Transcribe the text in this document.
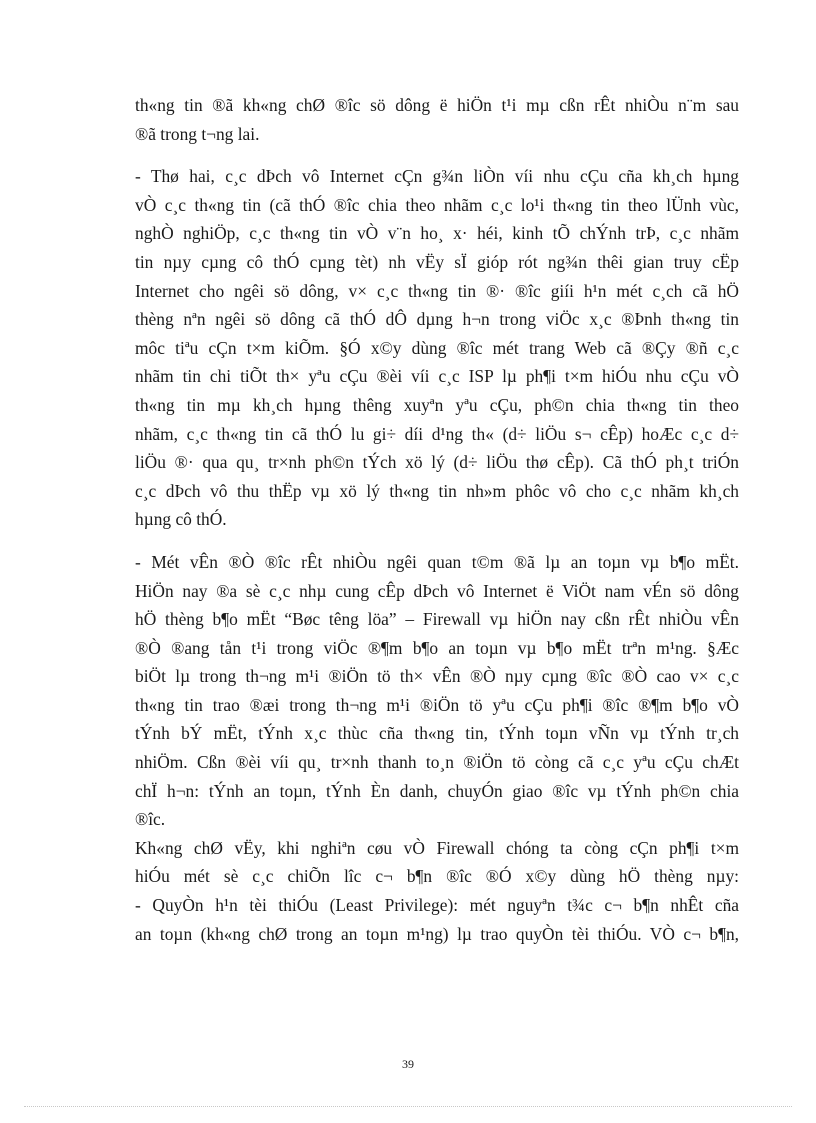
th«ng tin ®ã kh«ng chØ ®îc sö dông ë hiÖn t¹i mµ cßn rÊt nhiÒu n¨m sau

®ã trong t¬ng lai.

- Thø hai, c¸c dÞch vô Internet cÇn g¾n liÒn víi nhu cÇu cña kh¸ch hµng

vÒ c¸c th«ng tin (cã thÓ ®îc chia theo nhãm c¸c lo¹i th«ng tin theo lÜnh vùc,

nghÒ nghiÖp, c¸c th«ng tin vÒ v¨n ho¸ x· héi, kinh tÕ chÝnh trÞ, c¸c nhãm

tin nµy cµng cô thÓ cµng tèt) nh vËy sÏ gióp rót ng¾n thêi gian truy cËp

Internet cho ngêi sö dông, v× c¸c th«ng tin ®· ®îc giíi h¹n mét c¸ch cã hÖ

thèng nªn ngêi sö dông cã thÓ dÔ dµng h¬n trong viÖc x¸c ®Þnh th«ng tin

môc tiªu cÇn t×m kiÕm. §Ó x©y dùng ®îc mét trang Web cã ®Çy ®ñ c¸c

nhãm tin chi tiÕt th× yªu cÇu ®èi víi c¸c ISP lµ ph¶i t×m hiÓu nhu cÇu vÒ

th«ng tin mµ kh¸ch hµng thêng xuyªn yªu cÇu, ph©n chia th«ng tin theo

nhãm, c¸c th«ng tin cã thÓ lu gi÷ díi d¹ng th« (d÷ liÖu s¬ cÊp) hoÆc c¸c d÷

liÖu ®· qua qu¸ tr×nh ph©n tÝch xö lý (d÷ liÖu thø cÊp). Cã thÓ ph¸t triÓn

c¸c dÞch vô thu thËp vµ xö lý th«ng tin nh»m phôc vô cho c¸c nhãm kh¸ch

hµng cô thÓ.

- Mét vÊn ®Ò ®îc rÊt nhiÒu ngêi quan t©m ®ã lµ an toµn vµ b¶o mËt.

HiÖn nay ®a sè c¸c nhµ cung cÊp dÞch vô Internet ë ViÖt nam vÉn sö dông

hÖ thèng b¶o mËt “Bøc têng löa” – Firewall vµ hiÖn nay cßn rÊt nhiÒu vÊn

®Ò ®ang tån t¹i trong viÖc ®¶m b¶o an toµn vµ b¶o mËt trªn m¹ng. §Æc

biÖt lµ trong th¬ng m¹i ®iÖn tö th× vÊn ®Ò nµy cµng ®îc ®Ò cao v× c¸c

th«ng tin trao ®æi trong th¬ng m¹i ®iÖn tö yªu cÇu ph¶i ®îc ®¶m b¶o vÒ

tÝnh bÝ mËt, tÝnh x¸c thùc cña th«ng tin, tÝnh toµn vÑn vµ tÝnh tr¸ch

nhiÖm. Cßn ®èi víi qu¸ tr×nh thanh to¸n ®iÖn tö còng cã c¸c yªu cÇu chÆt

chÏ h¬n: tÝnh an toµn, tÝnh Èn danh, chuyÓn giao ®îc vµ tÝnh ph©n chia

®îc.

Kh«ng chØ vËy, khi nghiªn cøu vÒ Firewall chóng ta còng cÇn ph¶i t×m

hiÓu mét sè c¸c chiÕn lîc c¬ b¶n ®îc ®Ó x©y dùng hÖ thèng nµy:

- QuyÒn h¹n tèi thiÓu (Least Privilege): mét nguyªn t¾c c¬ b¶n nhÊt cña

an toµn (kh«ng chØ trong an toµn m¹ng) lµ trao quyÒn tèi thiÓu. VÒ c¬ b¶n,

39
